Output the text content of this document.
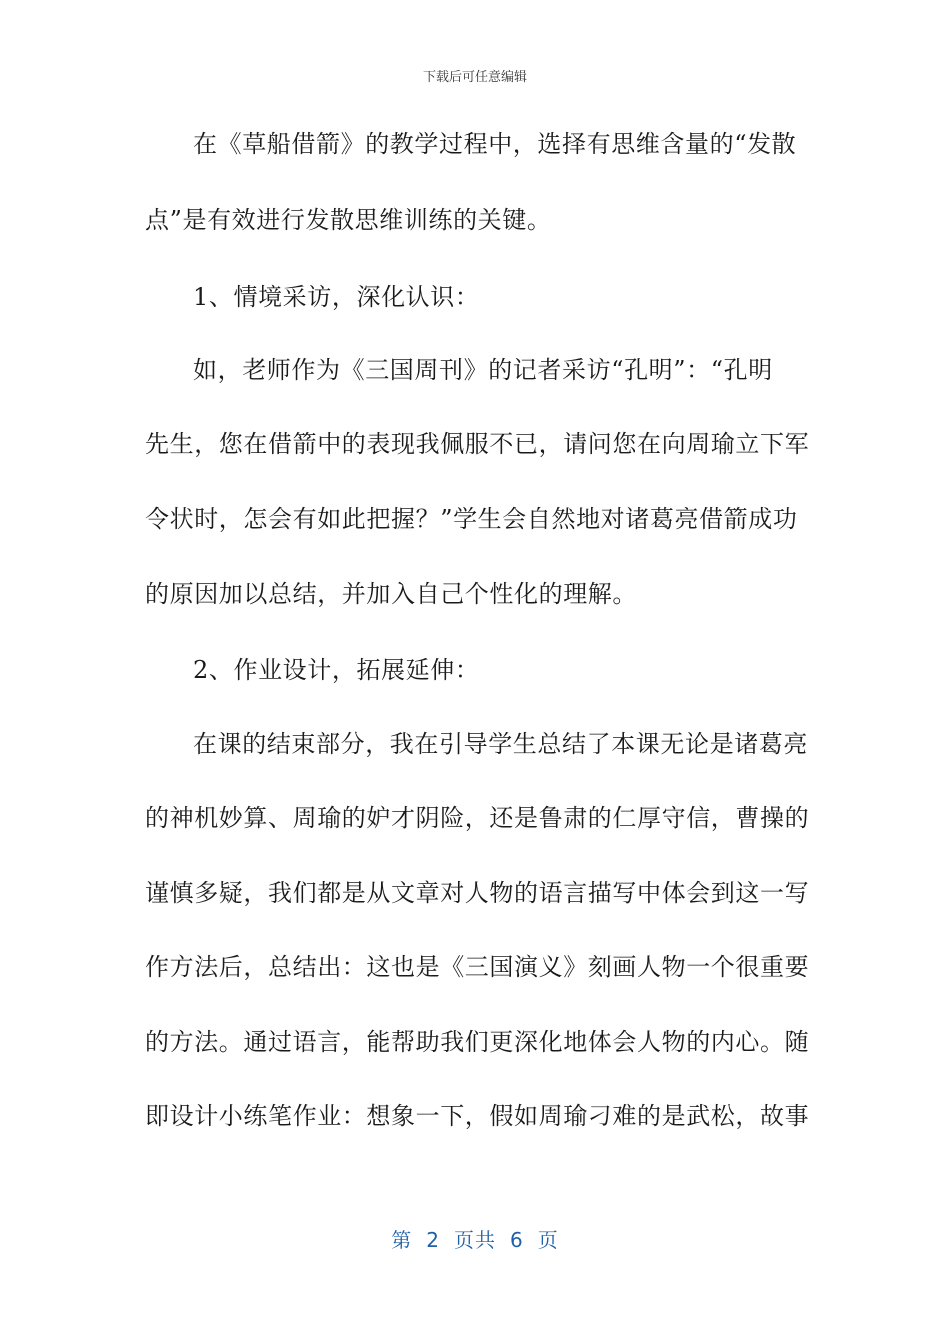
下载后可任意编辑
在《草船借箭》的教学过程中，选择有思维含量的“发散
点”是有效进行发散思维训练的关键。
1、情境采访，深化认识：
如，老师作为《三国周刊》的记者采访“孔明”：“孔明
先生，您在借箭中的表现我佩服不已，请问您在向周瑜立下军
令状时，怎会有如此把握？”学生会自然地对诸葛亮借箭成功
的原因加以总结，并加入自己个性化的理解。
2、作业设计，拓展延伸：
在课的结束部分，我在引导学生总结了本课无论是诸葛亮
的神机妙算、周瑜的妒才阴险，还是鲁肃的仁厚守信，曹操的
谨慎多疑，我们都是从文章对人物的语言描写中体会到这一写
作方法后，总结出：这也是《三国演义》刻画人物一个很重要
的方法。通过语言，能帮助我们更深化地体会人物的内心。随
即设计小练笔作业：想象一下，假如周瑜刁难的是武松，故事
第 2 页共 6 页
